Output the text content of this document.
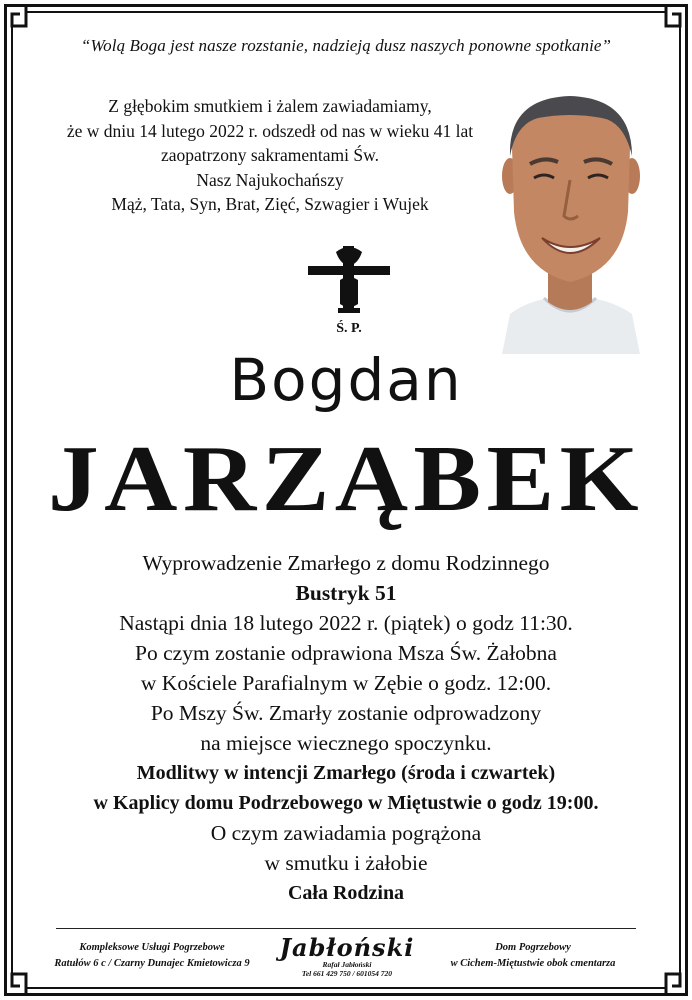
“Wolą Boga jest nasze rozstanie, nadzieją dusz naszych ponowne spotkanie”
Z głębokim smutkiem i żalem zawiadamiamy,
że w dniu 14 lutego 2022 r. odszedł od nas w wieku 41 lat
zaopatrzony sakramentami Św.
Nasz Najukochańszy
Mąż, Tata, Syn, Brat, Zięć, Szwagier i Wujek
Ś. P.
Bogdan
JARZĄBEK
Wyprowadzenie Zmarłego z domu Rodzinnego
Bustryk 51
Nastąpi dnia 18 lutego 2022 r. (piątek) o godz 11:30.
Po czym zostanie odprawiona Msza Św. Żałobna
w Kościele Parafialnym w Zębie o godz. 12:00.
Po Mszy Św. Zmarły zostanie odprowadzony
na miejsce wiecznego spoczynku.
Modlitwy w intencji Zmarłego (środa i czwartek)
w Kaplicy domu Podrzebowego w Miętustwie o godz 19:00.
O czym zawiadamia pogrążona
w smutku i żałobie
Cała Rodzina
Kompleksowe Usługi Pogrzebowe
Ratułów 6 c / Czarny Dunajec Kmietowicza 9
Jabłoński
Rafał Jabłoński
Tel 661 429 750 / 601054 720
Dom Pogrzebowy
w Cichem-Miętustwie obok cmentarza
